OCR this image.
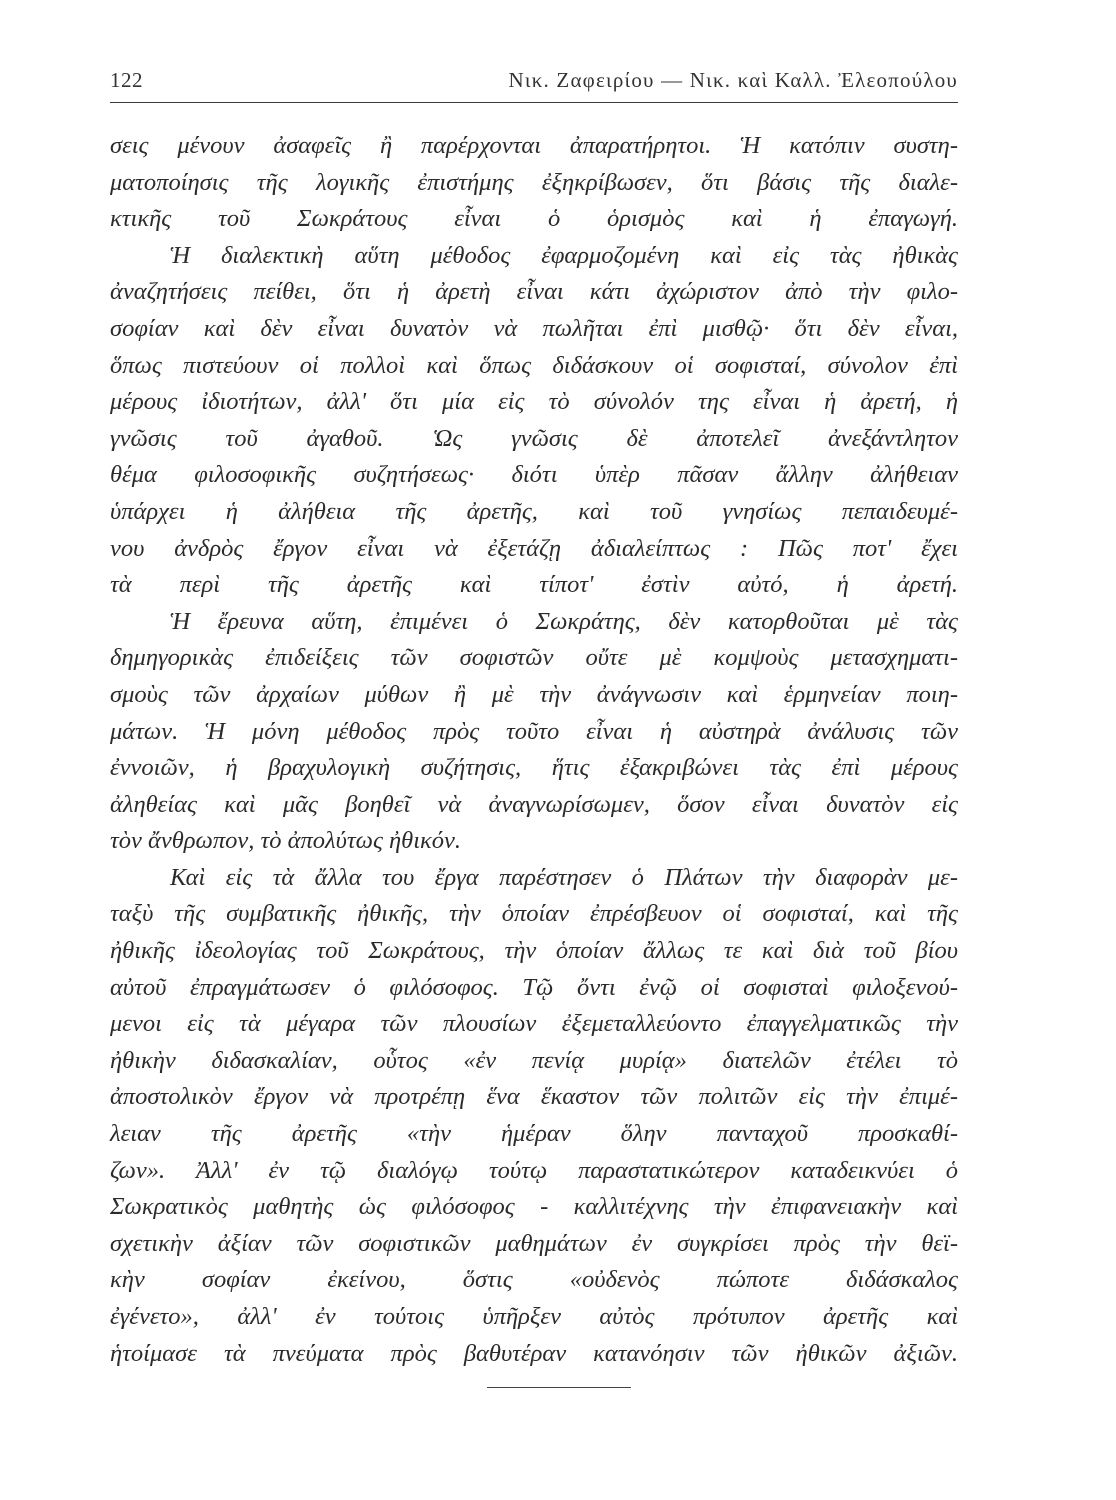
122	Νικ. Ζαφειρίου — Νικ. καὶ Καλλ. Ἐλεοπούλου
σεις μένουν ἀσαφεῖς ἢ παρέρχονται ἀπαρατήρητοι. Ἡ κατόπιν συστη-
ματοποίησις τῆς λογικῆς ἐπιστήμης ἐξηκρίβωσεν, ὅτι βάσις τῆς διαλε-
κτικῆς τοῦ Σωκράτους εἶναι ὁ ὁρισμὸς καὶ ἡ ἐπαγωγή.
Ἡ διαλεκτικὴ αὕτη μέθοδος ἐφαρμοζομένη καὶ εἰς τὰς ἠθικὰς
ἀναζητήσεις πείθει, ὅτι ἡ ἀρετὴ εἶναι κάτι ἀχώριστον ἀπὸ τὴν φιλο-
σοφίαν καὶ δὲν εἶναι δυνατὸν νὰ πωλῆται ἐπὶ μισθῷ· ὅτι δὲν εἶναι,
ὅπως πιστεύουν οἱ πολλοὶ καὶ ὅπως διδάσκουν οἱ σοφισταί, σύνολον ἐπὶ
μέρους ἰδιοτήτων, ἀλλ' ὅτι μία εἰς τὸ σύνολόν της εἶναι ἡ ἀρετή, ἡ
γνῶσις τοῦ ἀγαθοῦ. Ὡς γνῶσις δὲ ἀποτελεῖ ἀνεξάντλητον
θέμα φιλοσοφικῆς συζητήσεως· διότι ὑπὲρ πᾶσαν ἄλλην ἀλήθειαν
ὑπάρχει ἡ ἀλήθεια τῆς ἀρετῆς, καὶ τοῦ γνησίως πεπαιδευμέ-
νου ἀνδρὸς ἔργον εἶναι νὰ ἐξετάζῃ ἀδιαλείπτως : Πῶς ποτ' ἔχει
τὰ περὶ τῆς ἀρετῆς καὶ τίποτ' ἐστὶν αὐτό, ἡ ἀρετή.
Ἡ ἔρευνα αὕτη, ἐπιμένει ὁ Σωκράτης, δὲν κατορθοῦται μὲ τὰς
δημηγορικὰς ἐπιδείξεις τῶν σοφιστῶν οὔτε μὲ κομψοὺς μετασχηματι-
σμοὺς τῶν ἀρχαίων μύθων ἢ μὲ τὴν ἀνάγνωσιν καὶ ἑρμηνείαν ποιη-
μάτων. Ἡ μόνη μέθοδος πρὸς τοῦτο εἶναι ἡ αὐστηρὰ ἀνάλυσις τῶν
ἐννοιῶν, ἡ βραχυλογικὴ συζήτησις, ἥτις ἐξακριβώνει τὰς ἐπὶ μέρους
ἀληθείας καὶ μᾶς βοηθεῖ νὰ ἀναγνωρίσωμεν, ὅσον εἶναι δυνατὸν εἰς
τὸν ἄνθρωπον, τὸ ἀπολύτως ἠθικόν.
Καὶ εἰς τὰ ἄλλα του ἔργα παρέστησεν ὁ Πλάτων τὴν διαφορὰν με-
ταξὺ τῆς συμβατικῆς ἠθικῆς, τὴν ὁποίαν ἐπρέσβευον οἱ σοφισταί, καὶ τῆς
ἠθικῆς ἰδεολογίας τοῦ Σωκράτους, τὴν ὁποίαν ἄλλως τε καὶ διὰ τοῦ βίου
αὐτοῦ ἐπραγμάτωσεν ὁ φιλόσοφος. Τῷ ὄντι ἐνῷ οἱ σοφισταὶ φιλοξενού-
μενοι εἰς τὰ μέγαρα τῶν πλουσίων ἐξεμεταλλεύοντο ἐπαγγελματικῶς τὴν
ἠθικὴν διδασκαλίαν, οὗτος «ἐν πενίᾳ μυρίᾳ» διατελῶν ἐτέλει τὸ
ἀποστολικὸν ἔργον νὰ προτρέπῃ ἕνα ἕκαστον τῶν πολιτῶν εἰς τὴν ἐπιμέ-
λειαν τῆς ἀρετῆς «τὴν ἡμέραν ὅλην πανταχοῦ προσκαθί-
ζων». Ἀλλ' ἐν τῷ διαλόγῳ τούτῳ παραστατικώτερον καταδεικνύει ὁ
Σωκρατικὸς μαθητὴς ὡς φιλόσοφος - καλλιτέχνης τὴν ἐπιφανειακὴν καὶ
σχετικὴν ἀξίαν τῶν σοφιστικῶν μαθημάτων ἐν συγκρίσει πρὸς τὴν θεϊ-
κὴν σοφίαν ἐκείνου, ὅστις «οὐδενὸς πώποτε διδάσκαλος
ἐγένετο», ἀλλ' ἐν τούτοις ὑπῆρξεν αὐτὸς πρότυπον ἀρετῆς καὶ
ἡτοίμασε τὰ πνεύματα πρὸς βαθυτέραν κατανόησιν τῶν ἠθικῶν ἀξιῶν.
